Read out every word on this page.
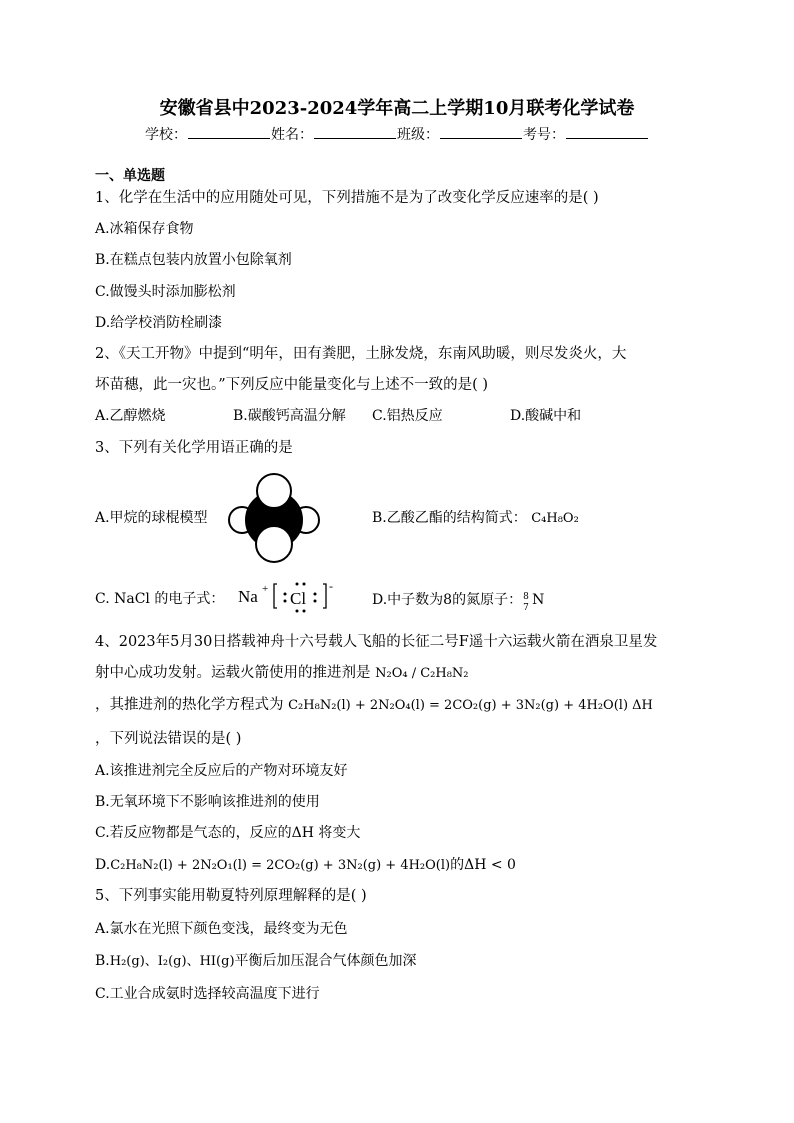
安徽省县中2023-2024学年高二上学期10月联考化学试卷
学校：	姓名：	班级：	考号：
一、单选题
1、化学在生活中的应用随处可见，下列措施不是为了改变化学反应速率的是( )
A.冰箱保存食物
B.在糕点包装内放置小包除氧剂
C.做馒头时添加膨松剂
D.给学校消防栓刷漆
2、《天工开物》中提到“明年，田有粪肥，土脉发烧，东南风助暖，则尽发炎火，大
坏苗穗，此一灾也。”下列反应中能量变化与上述不一致的是( )
A.乙醇燃烧	B.碳酸钙高温分解 C.铝热反应	D.酸碱中和
3、下列有关化学用语正确的是
A.甲烷的球棍模型	B.乙酸乙酯的结构简式： C₄H₈O₂
C. NaCl 的电子式： Na + Cl
-
D.中子数为8的氮原子： 8
7 N
4、2023年5月30日搭载神舟十六号载人飞船的长征二号F遥十六运载火箭在酒泉卫星发
射中心成功发射。运载火箭使用的推进剂是 N₂O₄ / C₂H₈N₂
，其推进剂的热化学方程式为 C₂H₈N₂(l) + 2N₂O₄(l) = 2CO₂(g) + 3N₂(g) + 4H₂O(l) ΔH
，下列说法错误的是( )
A.该推进剂完全反应后的产物对环境友好
B.无氧环境下不影响该推进剂的使用
C.若反应物都是气态的，反应的ΔH 将变大
D.C₂H₈N₂(l) + 2N₂O₁(l) = 2CO₂(g) + 3N₂(g) + 4H₂O(l)的ΔH < 0
5、下列事实能用勒夏特列原理解释的是( )
A.氯水在光照下颜色变浅，最终变为无色
B.H₂(g)、I₂(g)、HI(g)平衡后加压混合气体颜色加深
C.工业合成氨时选择较高温度下进行
